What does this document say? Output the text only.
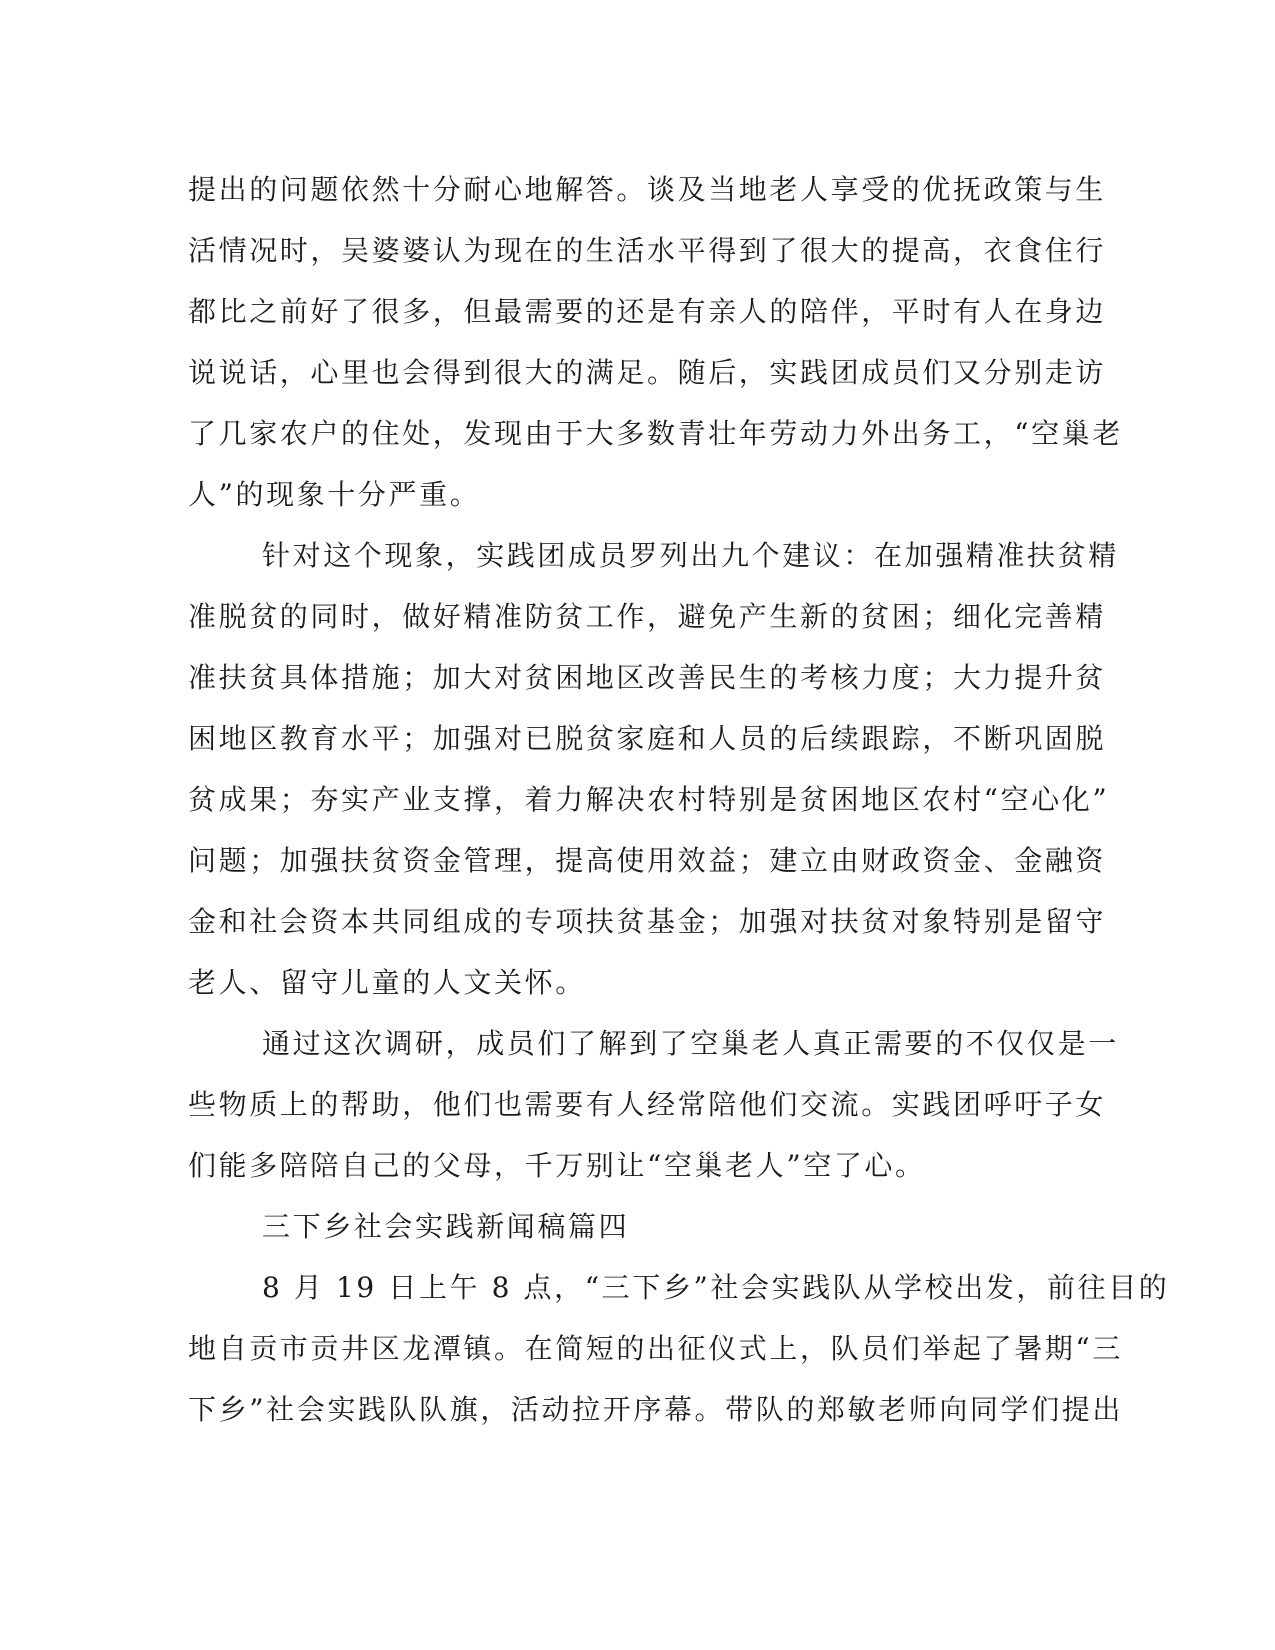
提出的问题依然十分耐心地解答。谈及当地老人享受的优抚政策与生
活情况时，吴婆婆认为现在的生活水平得到了很大的提高，衣食住行
都比之前好了很多，但最需要的还是有亲人的陪伴，平时有人在身边
说说话，心里也会得到很大的满足。随后，实践团成员们又分别走访
了几家农户的住处，发现由于大多数青壮年劳动力外出务工，“空巢老
人”的现象十分严重。
针对这个现象，实践团成员罗列出九个建议：在加强精准扶贫精
准脱贫的同时，做好精准防贫工作，避免产生新的贫困；细化完善精
准扶贫具体措施；加大对贫困地区改善民生的考核力度；大力提升贫
困地区教育水平；加强对已脱贫家庭和人员的后续跟踪，不断巩固脱
贫成果；夯实产业支撑，着力解决农村特别是贫困地区农村“空心化”
问题；加强扶贫资金管理，提高使用效益；建立由财政资金、金融资
金和社会资本共同组成的专项扶贫基金；加强对扶贫对象特别是留守
老人、留守儿童的人文关怀。
通过这次调研，成员们了解到了空巢老人真正需要的不仅仅是一
些物质上的帮助，他们也需要有人经常陪他们交流。实践团呼吁子女
们能多陪陪自己的父母，千万别让“空巢老人”空了心。
三下乡社会实践新闻稿篇四
8 月 19 日上午 8 点，“三下乡”社会实践队从学校出发，前往目的
地自贡市贡井区龙潭镇。在简短的出征仪式上，队员们举起了暑期“三
下乡”社会实践队队旗，活动拉开序幕。带队的郑敏老师向同学们提出
